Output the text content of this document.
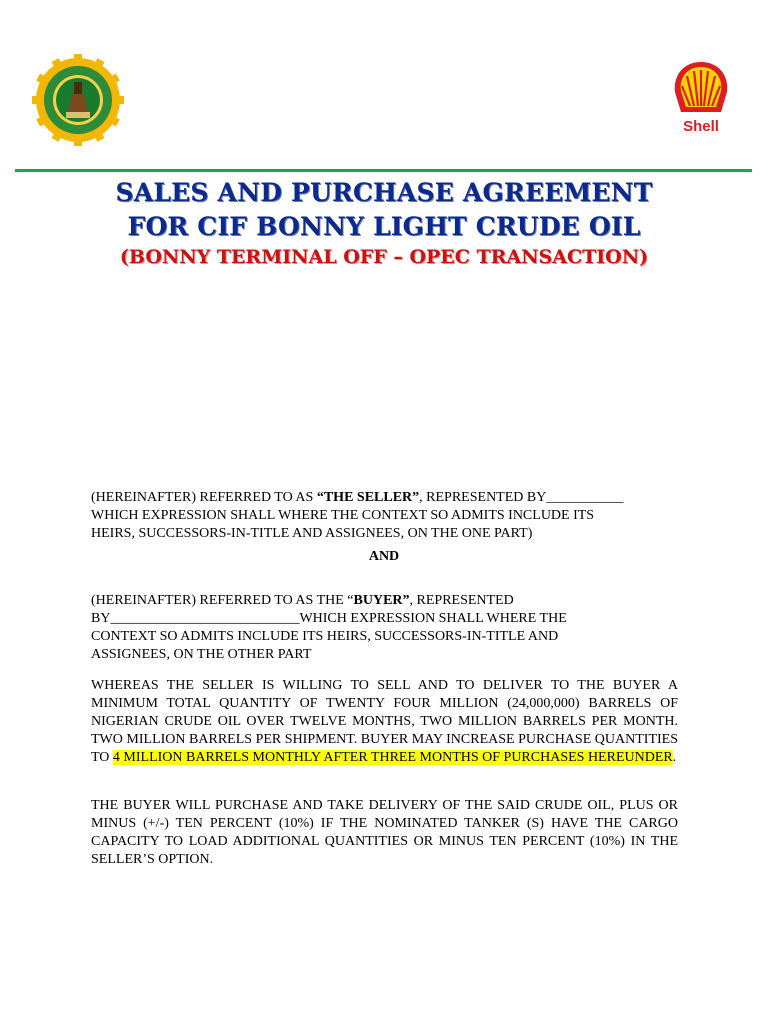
Shell
SALES AND PURCHASE AGREEMENT
FOR CIF BONNY LIGHT CRUDE OIL
(BONNY TERMINAL OFF – OPEC TRANSACTION)
(HEREINAFTER) REFERRED TO AS “THE SELLER”, REPRESENTED BY___________
WHICH EXPRESSION SHALL WHERE THE CONTEXT SO ADMITS INCLUDE ITS
HEIRS, SUCCESSORS-IN-TITLE AND ASSIGNEES, ON THE ONE PART)
AND
(HEREINAFTER) REFERRED TO AS THE “BUYER”, REPRESENTED
BY___________________________WHICH EXPRESSION SHALL WHERE THE
CONTEXT SO ADMITS INCLUDE ITS HEIRS, SUCCESSORS-IN-TITLE AND
ASSIGNEES, ON THE OTHER PART
WHEREAS THE SELLER IS WILLING TO SELL AND TO DELIVER TO THE BUYER A MINIMUM TOTAL QUANTITY OF TWENTY FOUR MILLION (24,000,000) BARRELS OF NIGERIAN CRUDE OIL OVER TWELVE MONTHS, TWO MILLION BARRELS PER MONTH. TWO MILLION BARRELS PER SHIPMENT. BUYER MAY INCREASE PURCHASE QUANTITIES TO 4 MILLION BARRELS MONTHLY AFTER THREE MONTHS OF PURCHASES HEREUNDER.
THE BUYER WILL PURCHASE AND TAKE DELIVERY OF THE SAID CRUDE OIL, PLUS OR MINUS (+/-) TEN PERCENT (10%) IF THE NOMINATED TANKER (S) HAVE THE CARGO CAPACITY TO LOAD ADDITIONAL QUANTITIES OR MINUS TEN PERCENT (10%) IN THE SELLER’S OPTION.
